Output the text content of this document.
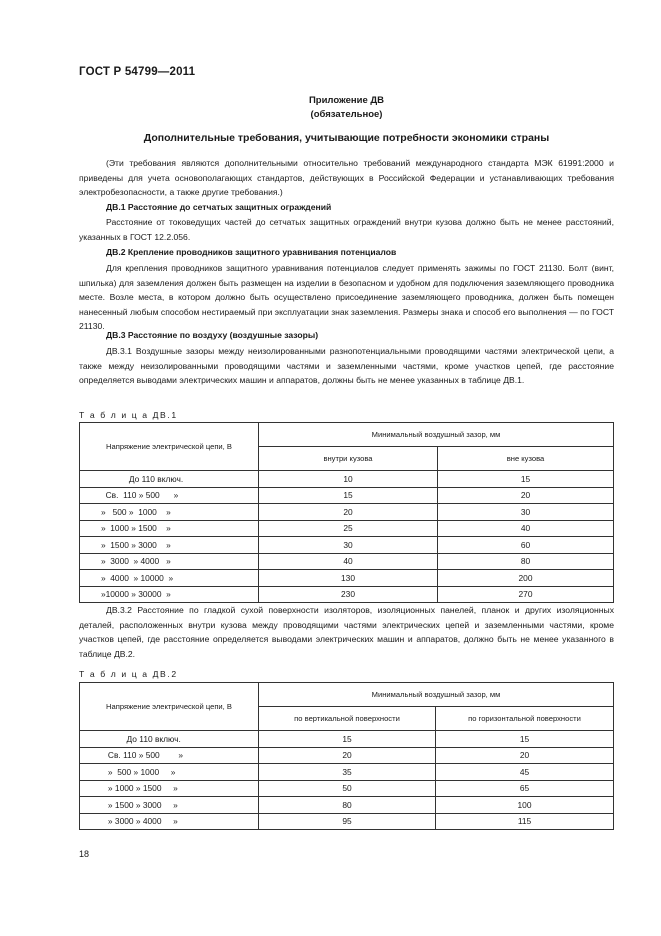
ГОСТ Р 54799—2011
Приложение ДВ
(обязательное)
Дополнительные требования, учитывающие потребности экономики страны

(Эти требования являются дополнительными относительно требований международного стандарта МЭК 61991:2000 и приведены для учета основополагающих стандартов, действующих в Российской Федерации и устанавливающих требования электробезопасности, а также другие требования.)

ДВ.1 Расстояние до сетчатых защитных ограждений

Расстояние от токоведущих частей до сетчатых защитных ограждений внутри кузова должно быть не менее расстояний, указанных в ГОСТ 12.2.056.

ДВ.2 Крепление проводников защитного уравнивания потенциалов

Для крепления проводников защитного уравнивания потенциалов следует применять зажимы по ГОСТ 21130. Болт (винт, шпилька) для заземления должен быть размещен на изделии в безопасном и удобном для подключения заземляющего проводника месте. Возле места, в котором должно быть осуществлено присоединение заземляющего проводника, должен быть помещен нанесенный любым способом нестираемый при эксплуатации знак заземления. Размеры знака и способ его выполнения — по ГОСТ 21130.

ДВ.3 Расстояние по воздуху (воздушные зазоры)

ДВ.3.1 Воздушные зазоры между неизолированными разнопотенциальными проводящими частями электрической цепи, а также между неизолированными проводящими частями и заземленными частями, кроме участков цепей, где расстояние определяется выводами электрических машин и аппаратов, должны быть не менее указанных в таблице ДВ.1.

Т а б л и ц а ДВ.1
Напряжение электрической цепи, В	Минимальный воздушный зазор, мм	
	внутри кузова	вне кузова
До 110 включ.	10	15
Св.  110 » 500      »	15	20
»   500 »  1000    »	20	30
»  1000 » 1500    »	25	40
»  1500 » 3000    »	30	60
»  3000  » 4000   »	40	80
»  4000  » 10000  »	130	200
»10000 » 30000  »	230	270

ДВ.3.2 Расстояние по гладкой сухой поверхности изоляторов, изоляционных панелей, планок и других изоляционных деталей, расположенных внутри кузова между проводящими частями электрических цепей и заземленными частями, кроме участков цепей, где расстояние определяется выводами электрических машин и аппаратов, должно быть не менее указанного в таблице ДВ.2.

Т а б л и ц а ДВ.2
Напряжение электрической цепи, В	Минимальный воздушный зазор, мм	
	по вертикальной поверхности	по горизонтальной поверхности
До 110 включ.	15	15
Св. 110 » 500        »	20	20
»  500 » 1000     »	35	45
» 1000 » 1500     »	50	65
» 1500 » 3000     »	80	100
» 3000 » 4000     »	95	115
18
